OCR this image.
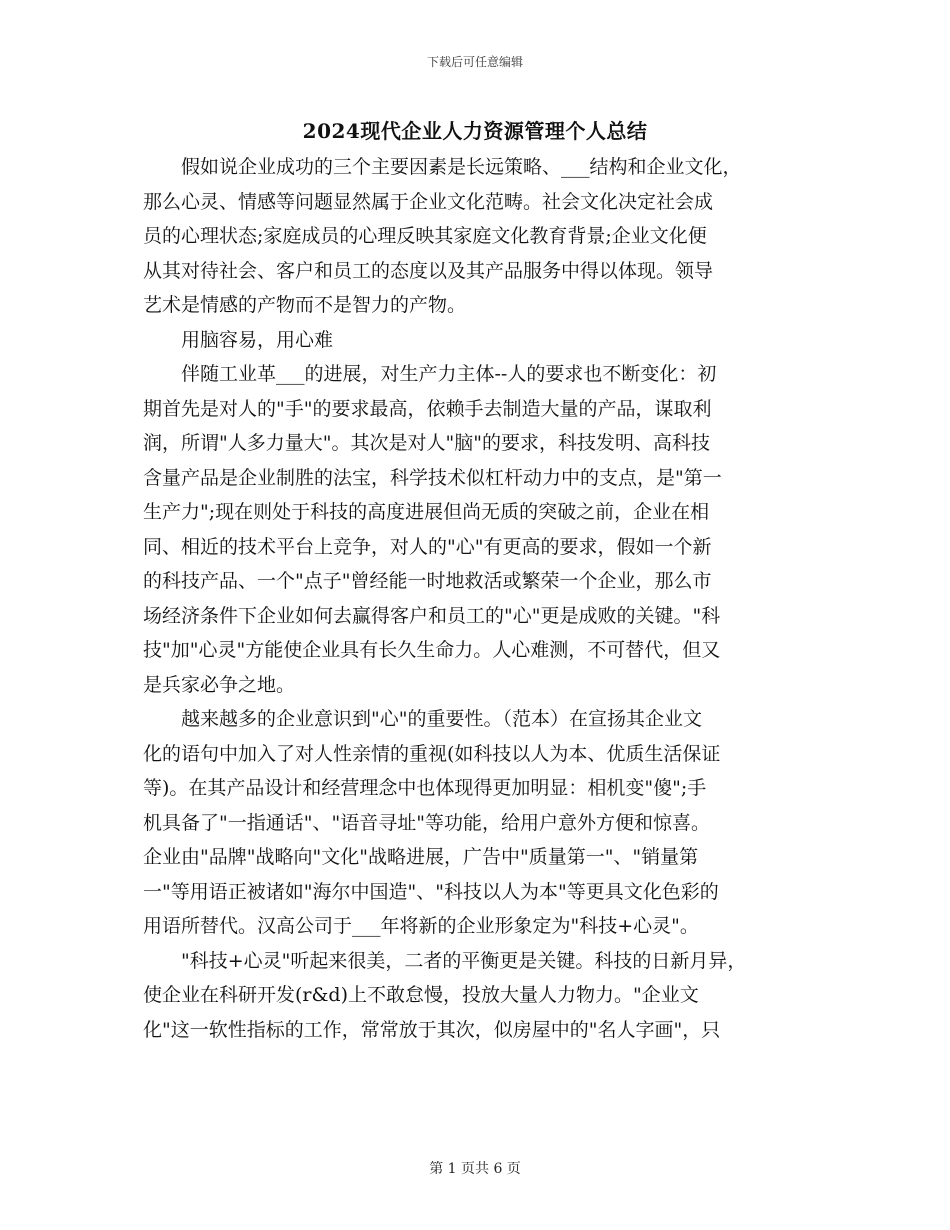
下载后可任意编辑
2024现代企业人力资源管理个人总结
　　假如说企业成功的三个主要因素是长远策略、___结构和企业文化，
那么心灵、情感等问题显然属于企业文化范畴。社会文化决定社会成
员的心理状态;家庭成员的心理反映其家庭文化教育背景;企业文化便
从其对待社会、客户和员工的态度以及其产品服务中得以体现。领导
艺术是情感的产物而不是智力的产物。
　　用脑容易，用心难
　　伴随工业革___的进展，对生产力主体--人的要求也不断变化：初
期首先是对人的"手"的要求最高，依赖手去制造大量的产品，谋取利
润，所谓"人多力量大"。其次是对人"脑"的要求，科技发明、高科技
含量产品是企业制胜的法宝，科学技术似杠杆动力中的支点，是"第一
生产力";现在则处于科技的高度进展但尚无质的突破之前，企业在相
同、相近的技术平台上竞争，对人的"心"有更高的要求，假如一个新
的科技产品、一个"点子"曾经能一时地救活或繁荣一个企业，那么市
场经济条件下企业如何去赢得客户和员工的"心"更是成败的关键。"科
技"加"心灵"方能使企业具有长久生命力。人心难测，不可替代，但又
是兵家必争之地。
　　越来越多的企业意识到"心"的重要性。（范本）在宣扬其企业文
化的语句中加入了对人性亲情的重视(如科技以人为本、优质生活保证
等)。在其产品设计和经营理念中也体现得更加明显：相机变"傻";手
机具备了"一指通话"、"语音寻址"等功能，给用户意外方便和惊喜。
企业由"品牌"战略向"文化"战略进展，广告中"质量第一"、"销量第
一"等用语正被诸如"海尔中国造"、"科技以人为本"等更具文化色彩的
用语所替代。汉高公司于___年将新的企业形象定为"科技+心灵"。
　　"科技+心灵"听起来很美，二者的平衡更是关键。科技的日新月异，
使企业在科研开发(r&d)上不敢怠慢，投放大量人力物力。"企业文
化"这一软性指标的工作，常常放于其次，似房屋中的"名人字画"，只
第 1 页共 6 页
